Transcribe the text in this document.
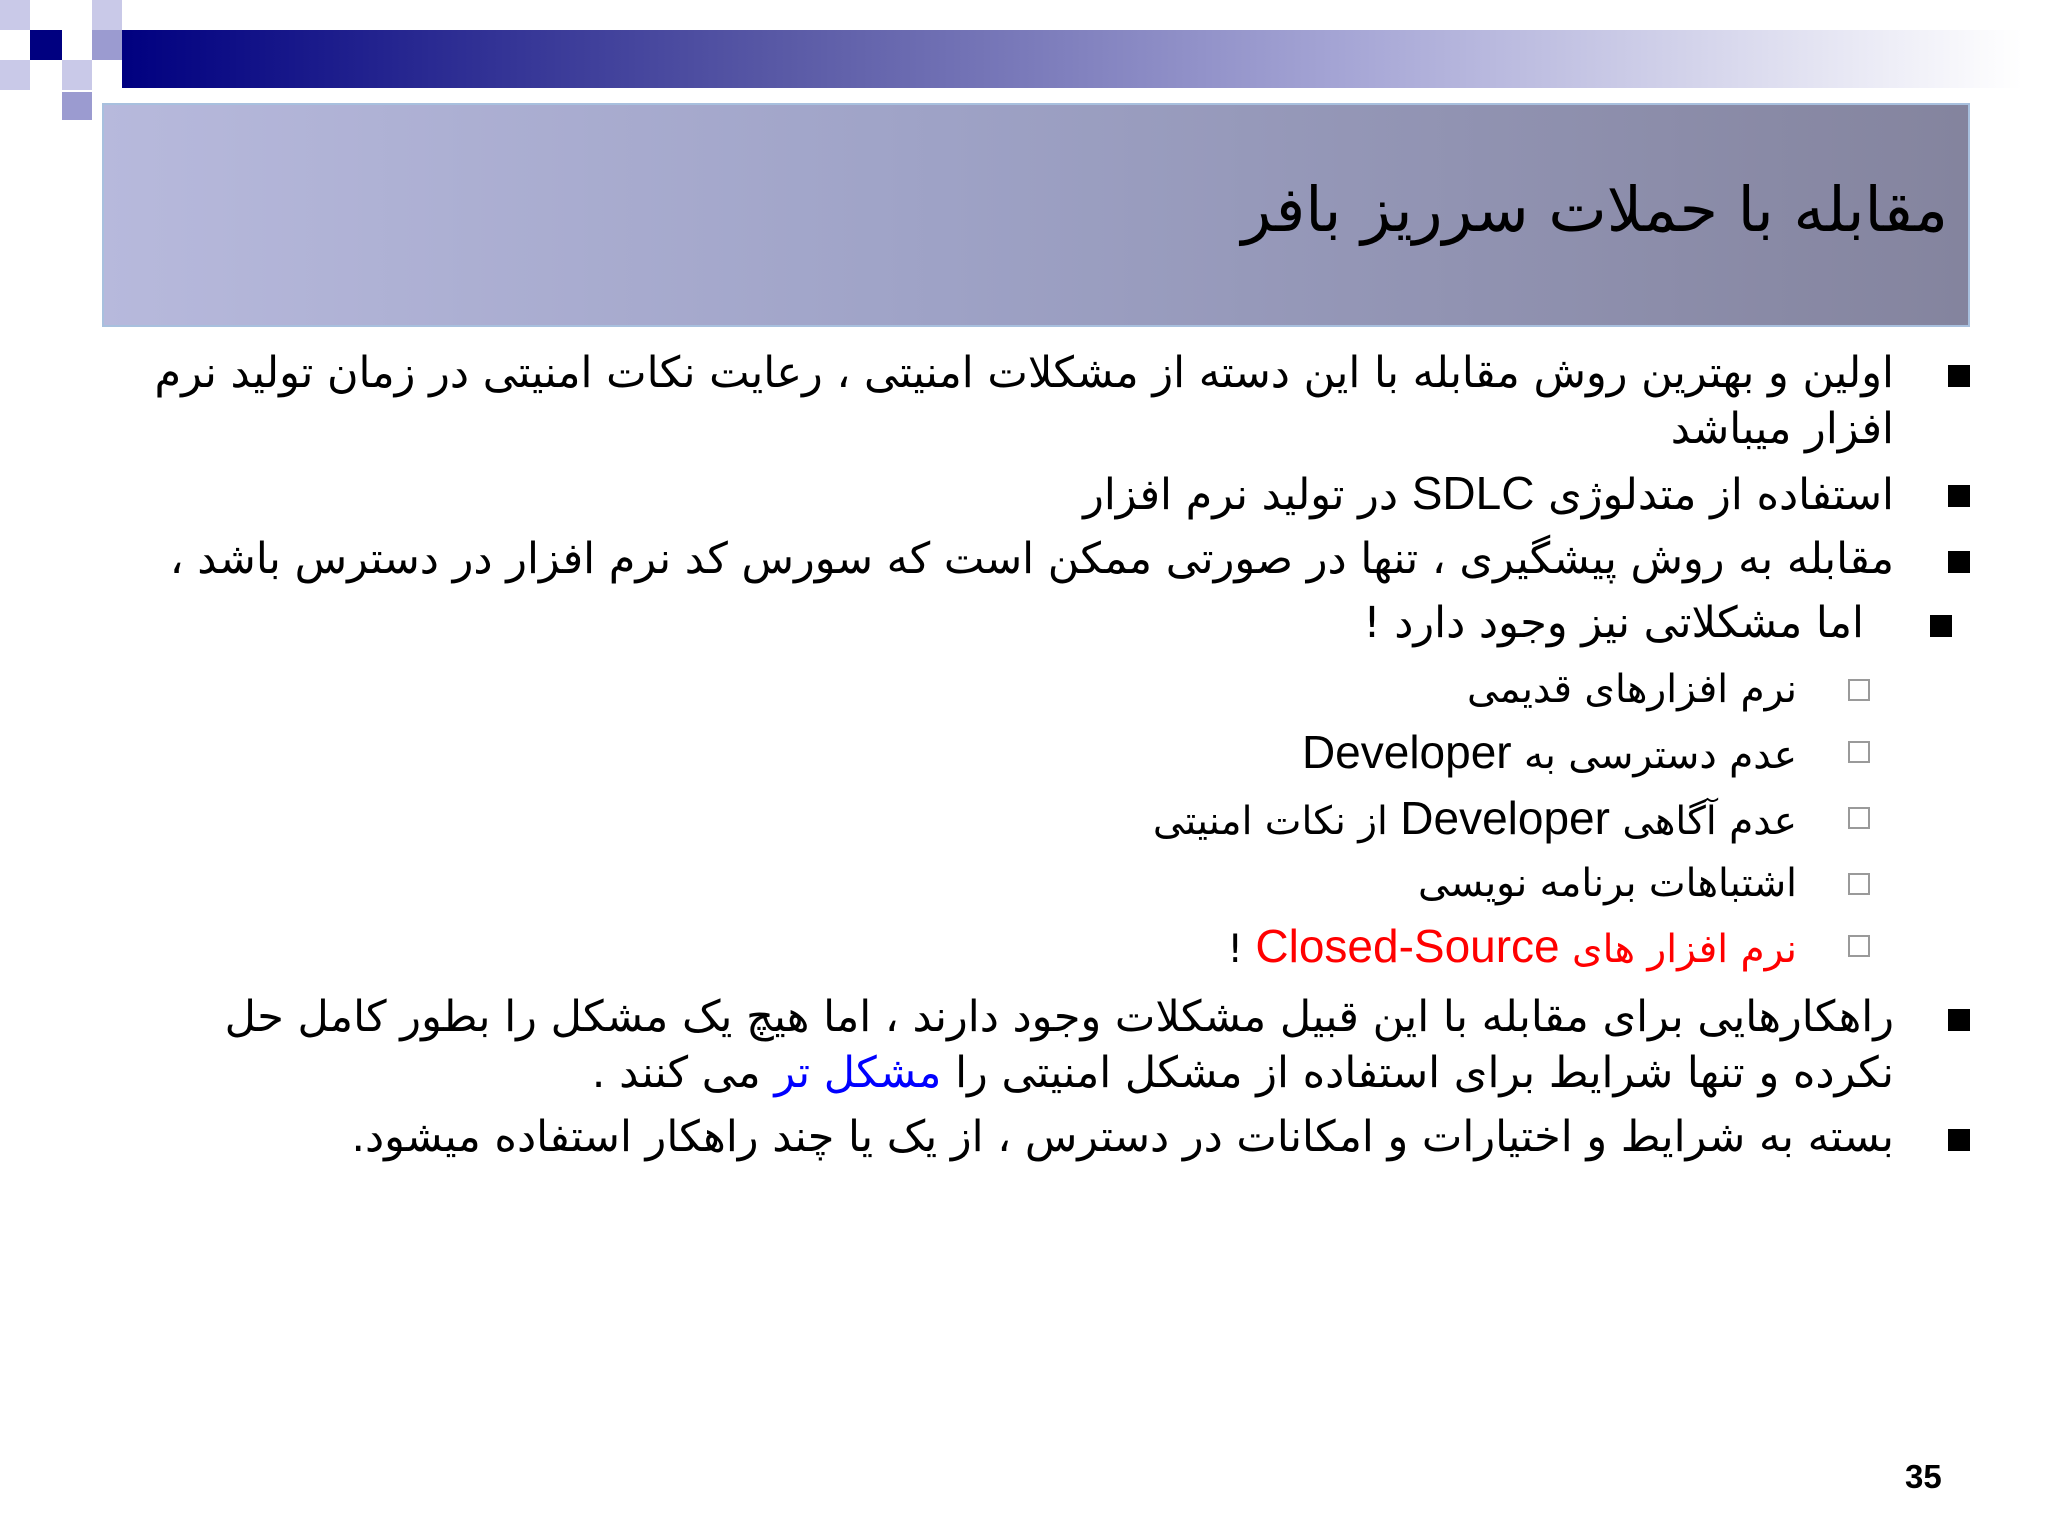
مقابله با حملات سرریز بافر
اولین و بهترین روش مقابله با این دسته از مشکلات امنیتی ، رعایت نکات امنیتی در زمان تولید نرم افزار میباشد
استفاده از متدلوژی SDLC در تولید نرم افزار
مقابله به روش پیشگیری ، تنها در صورتی ممکن است که سورس کد نرم افزار در دسترس باشد ،
اما مشکلاتی نیز وجود دارد !
نرم افزارهای قدیمی
عدم دسترسی به Developer
عدم آگاهی Developer از نکات امنیتی
اشتباهات برنامه نویسی
نرم افزار های Closed-Source !
راهکارهایی برای مقابله با این قبیل مشکلات وجود دارند ، اما هیچ یک مشکل را بطور کامل حل نکرده و تنها شرایط برای استفاده از مشکل امنیتی را مشکل تر می کنند .
بسته به شرایط و اختیارات و امکانات در دسترس ، از یک یا چند راهکار استفاده میشود.
35
